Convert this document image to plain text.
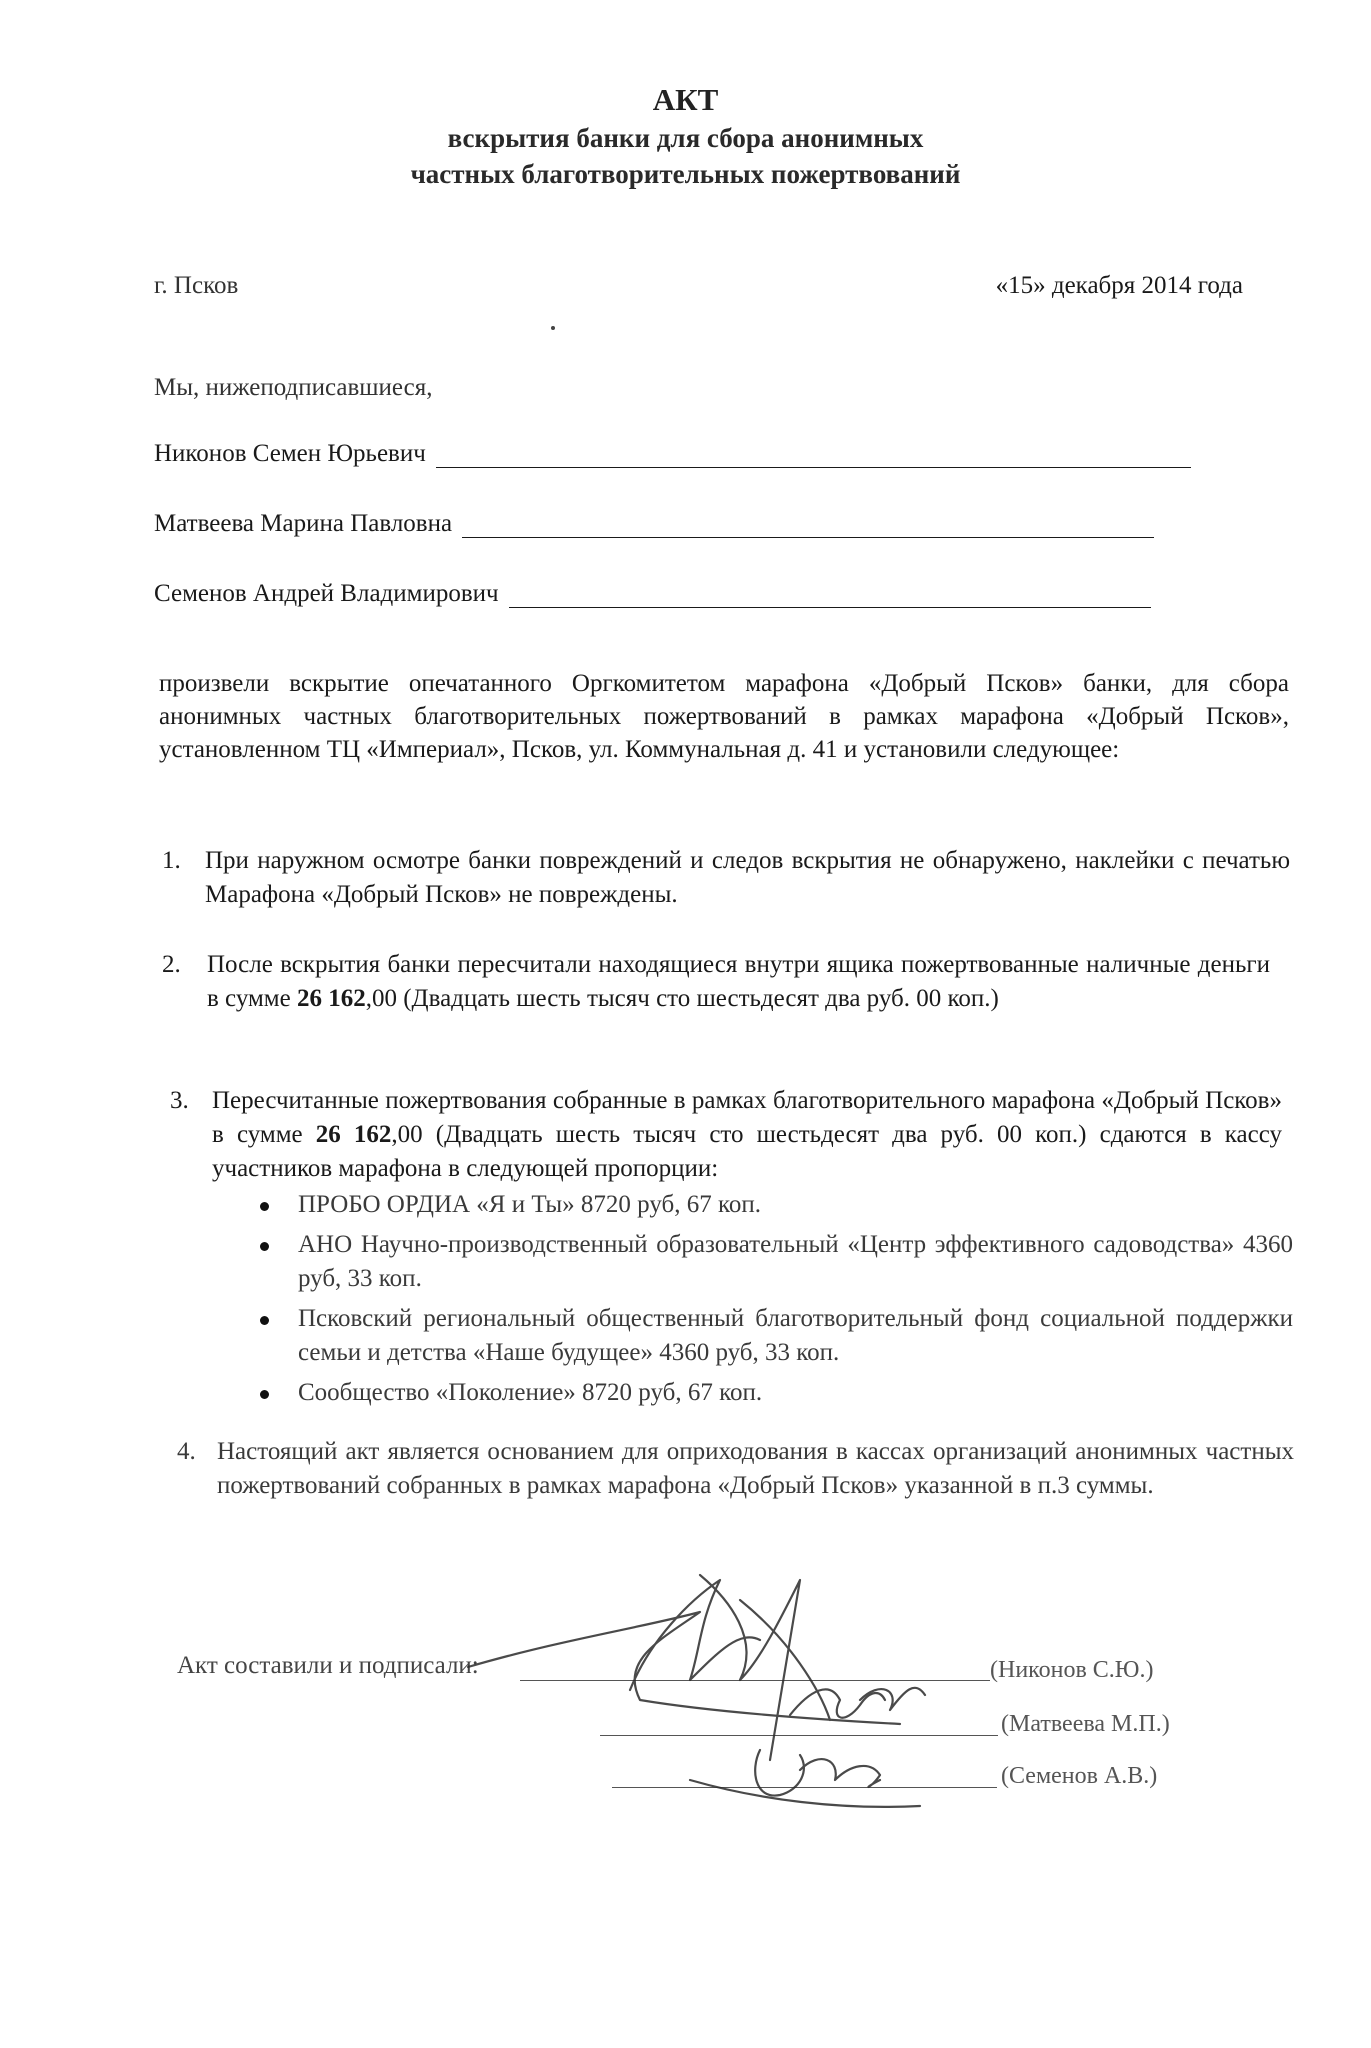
АКТ
вскрытия банки для сбора анонимных
частных благотворительных пожертвований
г. Псков	«15» декабря 2014 года
Мы, нижеподписавшиеся,
Никонов Семен Юрьевич
Матвеева Марина Павловна
Семенов Андрей Владимирович
произвели вскрытие опечатанного Оргкомитетом марафона «Добрый Псков» банки, для сбора анонимных частных благотворительных пожертвований в рамках марафона «Добрый Псков», установленном ТЦ «Империал», Псков, ул. Коммунальная д. 41 и установили следующее:
1. При наружном осмотре банки повреждений и следов вскрытия не обнаружено, наклейки с печатью Марафона «Добрый Псков» не повреждены.
2. После вскрытия банки пересчитали находящиеся внутри ящика пожертвованные наличные деньги в сумме 26 162,00 (Двадцать шесть тысяч сто шестьдесят два руб. 00 коп.)
3. Пересчитанные пожертвования собранные в рамках благотворительного марафона «Добрый Псков» в сумме 26 162,00 (Двадцать шесть тысяч сто шестьдесят два руб. 00 коп.) сдаются в кассу участников марафона в следующей пропорции:
ПРОБО ОРДИА «Я и Ты» 8720 руб, 67 коп.
АНО Научно-производственный образовательный «Центр эффективного садоводства» 4360 руб, 33 коп.
Псковский региональный общественный благотворительный фонд социальной поддержки семьи и детства «Наше будущее» 4360 руб, 33 коп.
Сообщество «Поколение» 8720 руб, 67 коп.
4. Настоящий акт является основанием для оприходования в кассах организаций анонимных частных пожертвований собранных в рамках марафона «Добрый Псков» указанной в п.3 суммы.
Акт составили и подписали:	(Никонов С.Ю.)
(Матвеева М.П.)
(Семенов А.В.)
